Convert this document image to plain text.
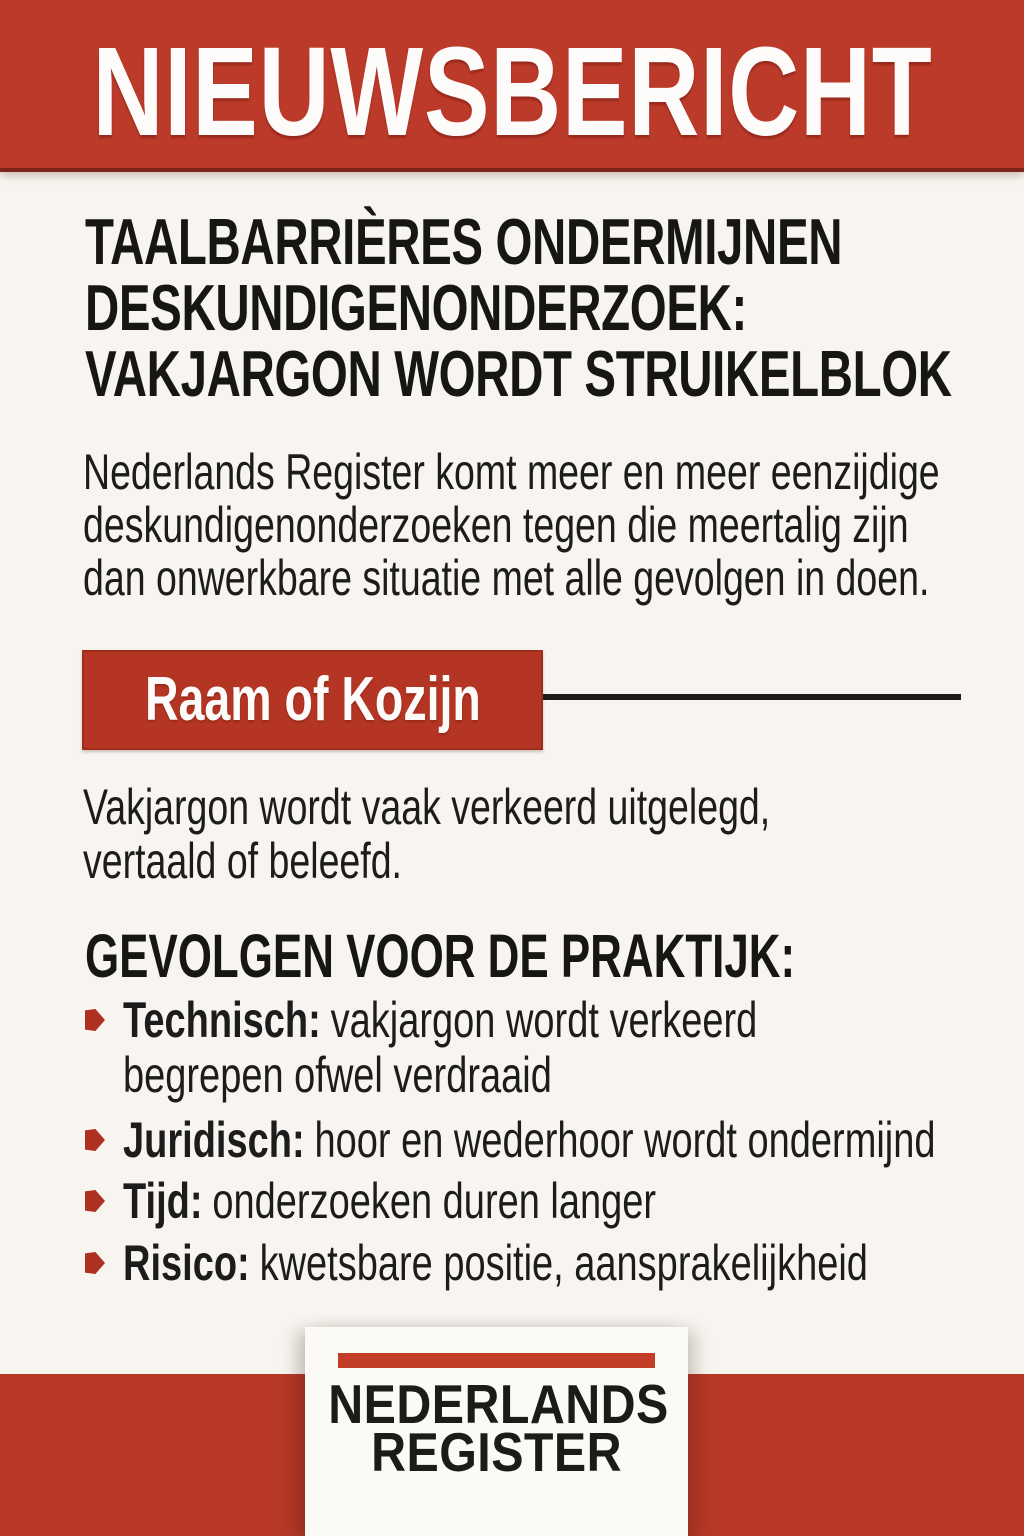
NIEUWSBERICHT
TAALBARRIÈRES ONDERMIJNEN
DESKUNDIGENONDERZOEK:
VAKJARGON WORDT STRUIKELBLOK
Nederlands Register komt meer en meer eenzijdige
deskundigenonderzoeken tegen die meertalig zijn
dan onwerkbare situatie met alle gevolgen in doen.
Raam of Kozijn
Vakjargon wordt vaak verkeerd uitgelegd,
vertaald of beleefd.
GEVOLGEN VOOR DE PRAKTIJK:
Technisch: vakjargon wordt verkeerd
begrepen ofwel verdraaid
Juridisch: hoor en wederhoor wordt ondermijnd
Tijd: onderzoeken duren langer
Risico: kwetsbare positie, aansprakelijkheid
NEDERLANDS
REGISTER
